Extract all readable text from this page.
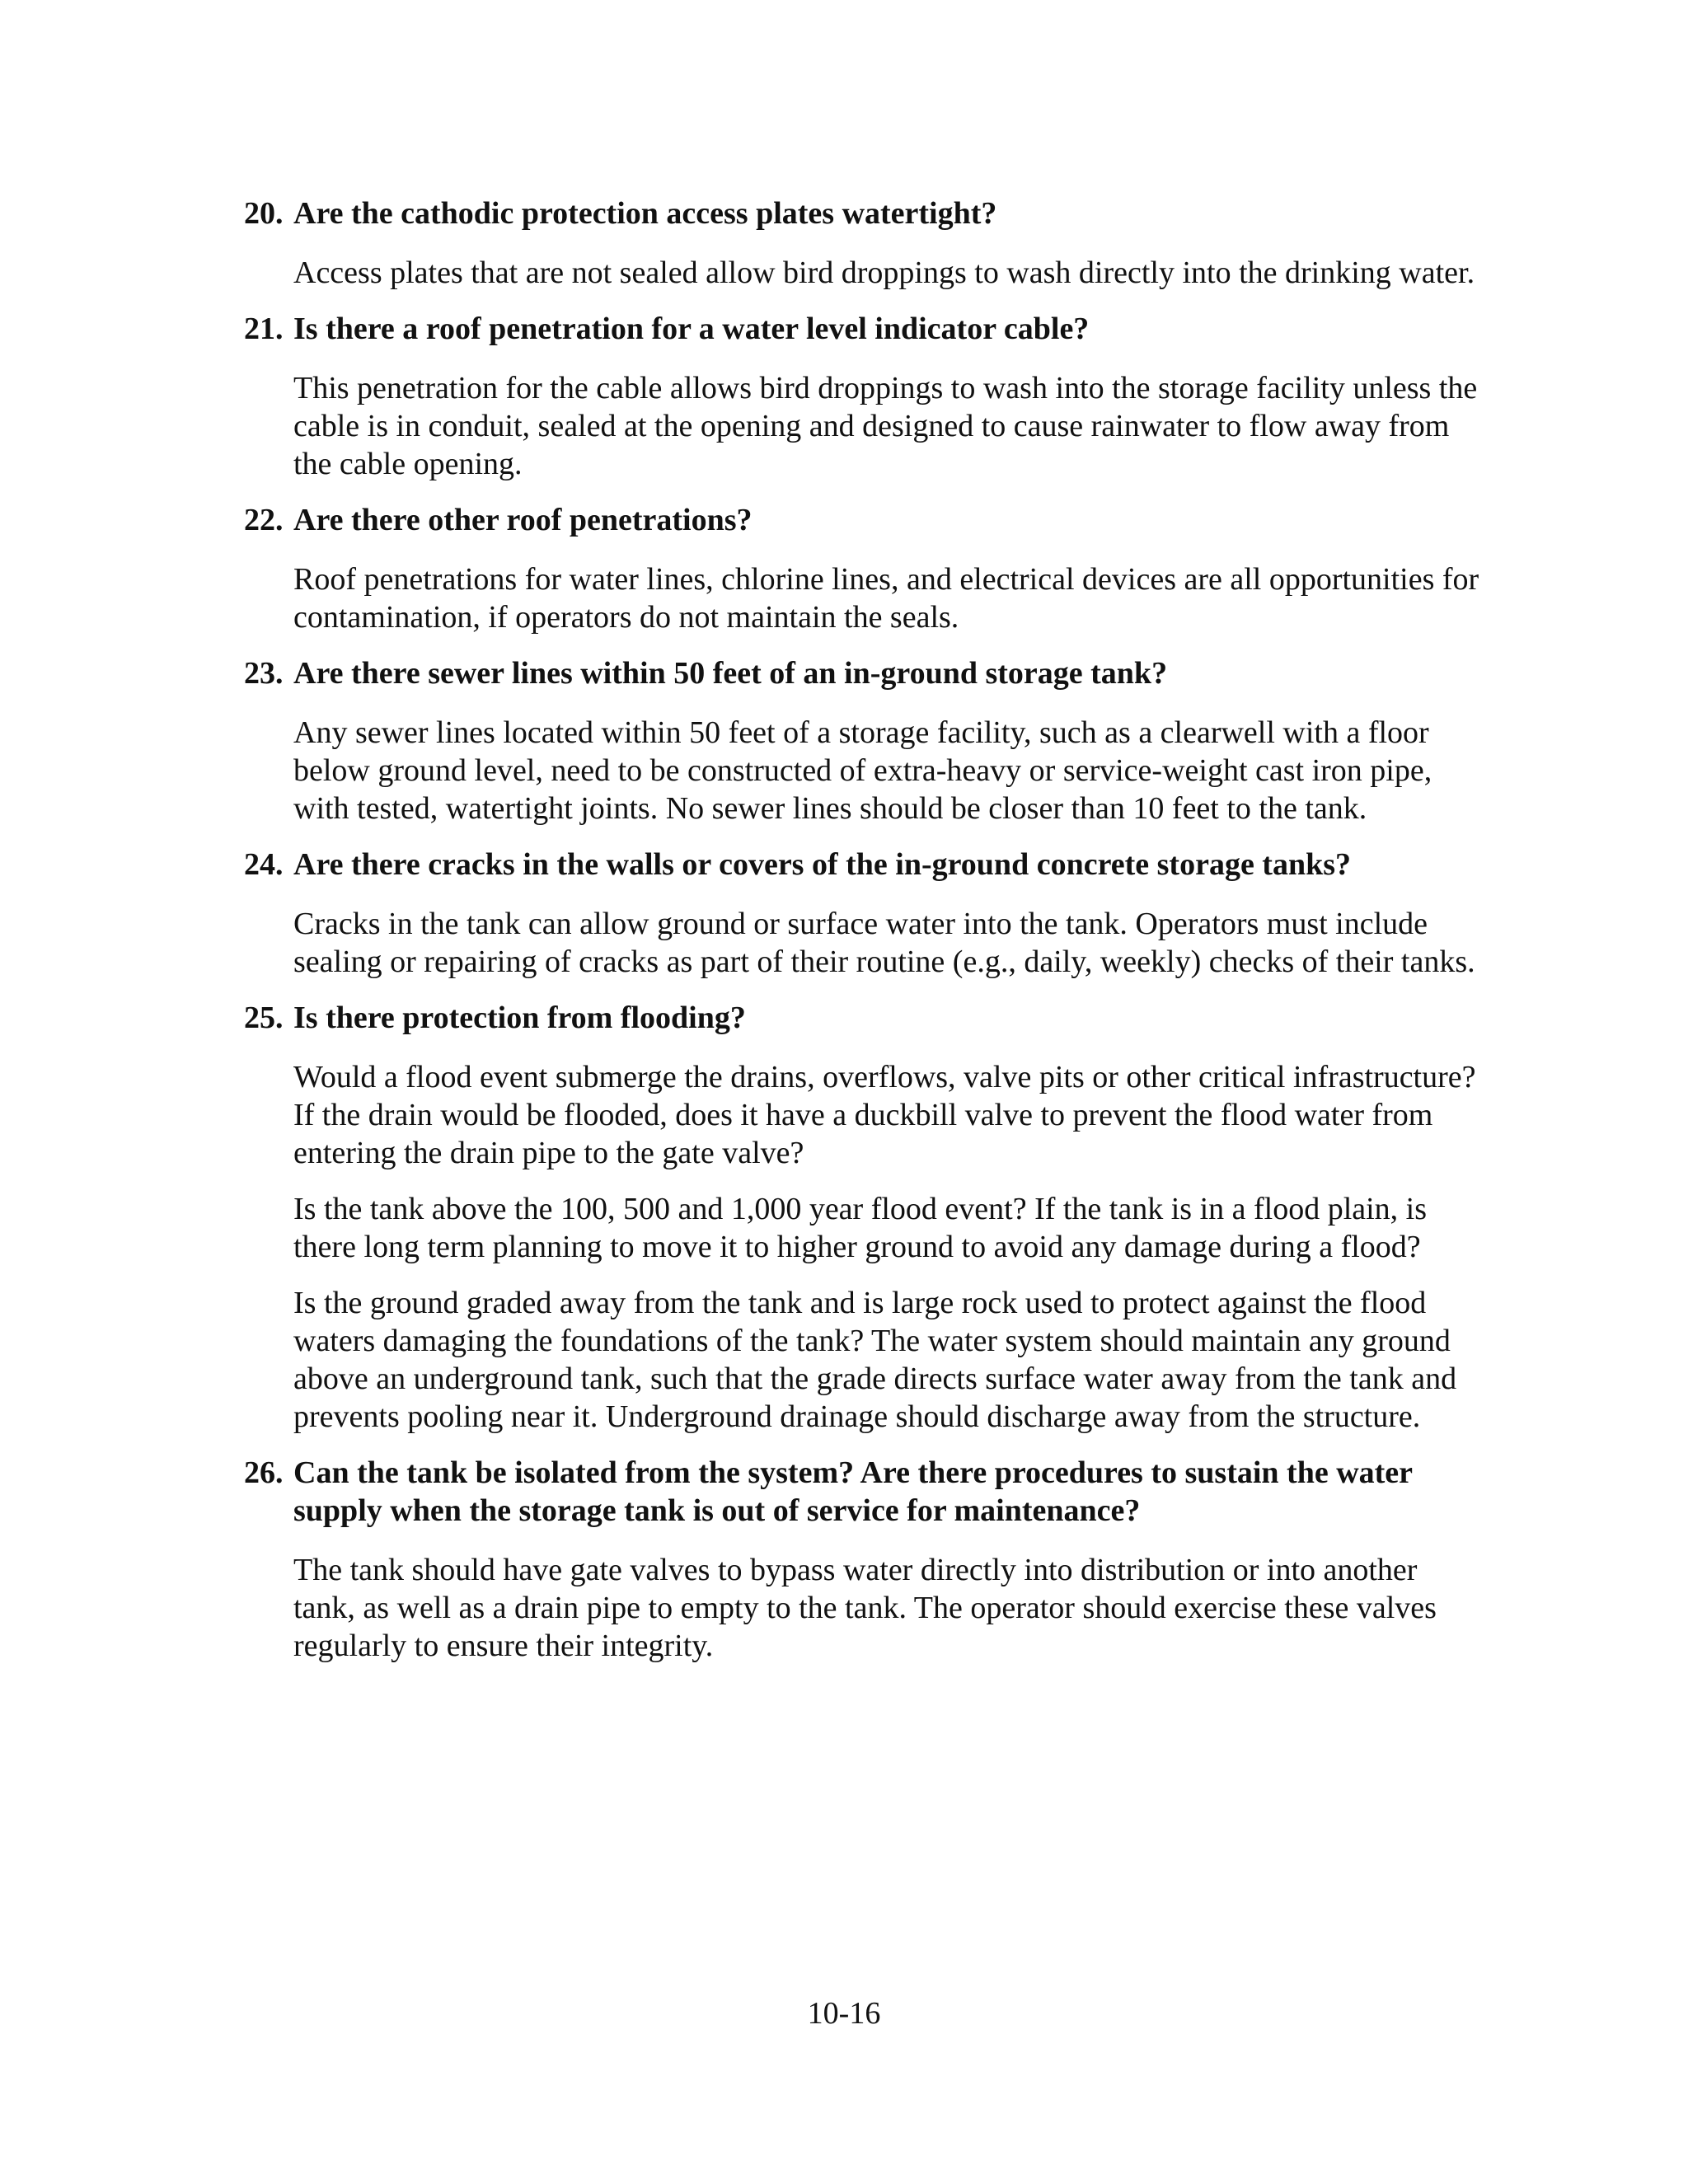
20. Are the cathodic protection access plates watertight?

Access plates that are not sealed allow bird droppings to wash directly into the drinking water.

21. Is there a roof penetration for a water level indicator cable?

This penetration for the cable allows bird droppings to wash into the storage facility unless the cable is in conduit, sealed at the opening and designed to cause rainwater to flow away from the cable opening.

22. Are there other roof penetrations?

Roof penetrations for water lines, chlorine lines, and electrical devices are all opportunities for contamination, if operators do not maintain the seals.

23. Are there sewer lines within 50 feet of an in-ground storage tank?

Any sewer lines located within 50 feet of a storage facility, such as a clearwell with a floor below ground level, need to be constructed of extra-heavy or service-weight cast iron pipe, with tested, watertight joints. No sewer lines should be closer than 10 feet to the tank.

24. Are there cracks in the walls or covers of the in-ground concrete storage tanks?

Cracks in the tank can allow ground or surface water into the tank. Operators must include sealing or repairing of cracks as part of their routine (e.g., daily, weekly) checks of their tanks.

25. Is there protection from flooding?

Would a flood event submerge the drains, overflows, valve pits or other critical infrastructure? If the drain would be flooded, does it have a duckbill valve to prevent the flood water from entering the drain pipe to the gate valve?

Is the tank above the 100, 500 and 1,000 year flood event? If the tank is in a flood plain, is there long term planning to move it to higher ground to avoid any damage during a flood?

Is the ground graded away from the tank and is large rock used to protect against the flood waters damaging the foundations of the tank? The water system should maintain any ground above an underground tank, such that the grade directs surface water away from the tank and prevents pooling near it. Underground drainage should discharge away from the structure.

26. Can the tank be isolated from the system? Are there procedures to sustain the water supply when the storage tank is out of service for maintenance?

The tank should have gate valves to bypass water directly into distribution or into another tank, as well as a drain pipe to empty to the tank. The operator should exercise these valves regularly to ensure their integrity.

10-16
